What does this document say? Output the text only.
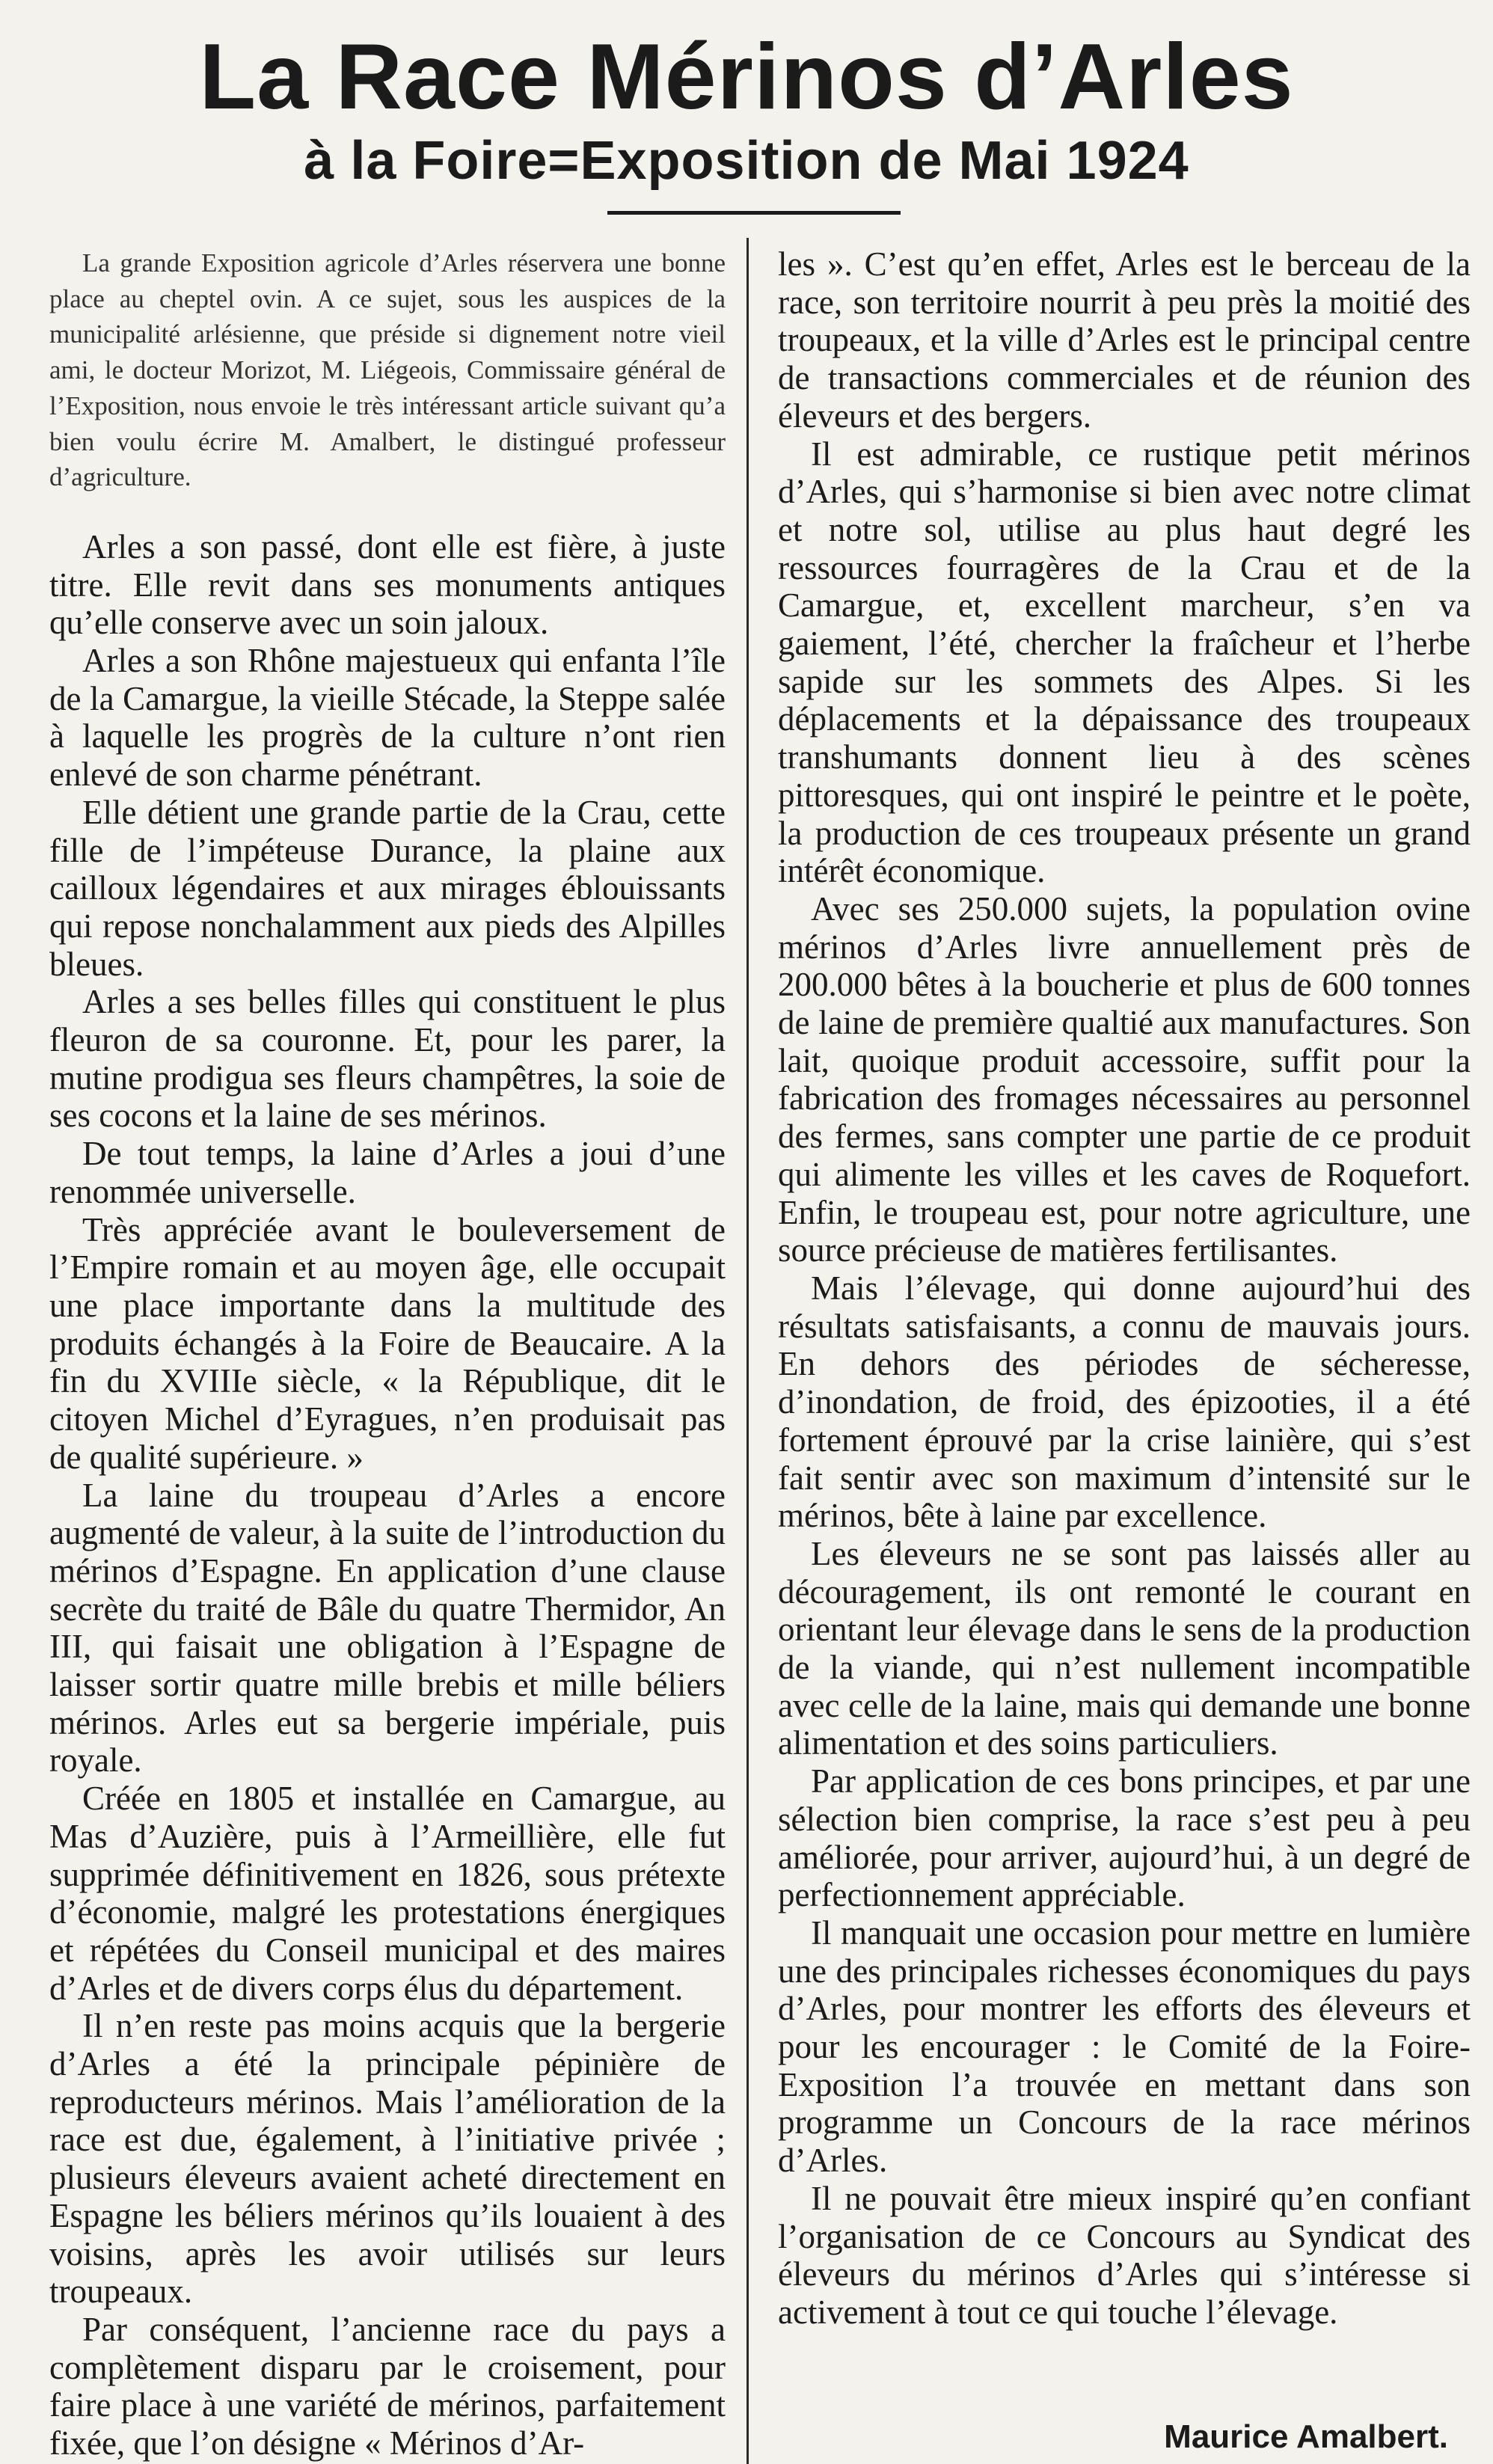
La Race Mérinos d’Arles
à la Foire=Exposition de Mai 1924

La grande Exposition agricole d’Arles réservera une bonne place au cheptel ovin. A ce sujet, sous les auspices de la municipalité arlésienne, que préside si dignement notre vieil ami, le docteur Morizot, M. Liégeois, Commissaire général de l’Exposition, nous envoie le très intéressant article suivant qu’a bien voulu écrire M. Amalbert, le distingué professeur d’agriculture.

Arles a son passé, dont elle est fière, à juste titre. Elle revit dans ses monuments antiques qu’elle conserve avec un soin jaloux.

Arles a son Rhône majestueux qui enfanta l’île de la Camargue, la vieille Stécade, la Steppe salée à laquelle les progrès de la culture n’ont rien enlevé de son charme pénétrant.

Elle détient une grande partie de la Crau, cette fille de l’impéteuse Durance, la plaine aux cailloux légendaires et aux mirages éblouissants qui repose nonchalamment aux pieds des Alpilles bleues.

Arles a ses belles filles qui constituent le plus fleuron de sa couronne. Et, pour les parer, la mutine prodigua ses fleurs champêtres, la soie de ses cocons et la laine de ses mérinos.

De tout temps, la laine d’Arles a joui d’une renommée universelle.

Très appréciée avant le bouleversement de l’Empire romain et au moyen âge, elle occupait une place importante dans la multitude des produits échangés à la Foire de Beaucaire. A la fin du XVIIIe siècle, « la République, dit le citoyen Michel d’Eyragues, n’en produisait pas de qualité supérieure. »

La laine du troupeau d’Arles a encore augmenté de valeur, à la suite de l’introduction du mérinos d’Espagne. En application d’une clause secrète du traité de Bâle du quatre Thermidor, An III, qui faisait une obligation à l’Espagne de laisser sortir quatre mille brebis et mille béliers mérinos. Arles eut sa bergerie impériale, puis royale.

Créée en 1805 et installée en Camargue, au Mas d’Auzière, puis à l’Armeillière, elle fut supprimée définitivement en 1826, sous prétexte d’économie, malgré les protestations énergiques et répétées du Conseil municipal et des maires d’Arles et de divers corps élus du département.

Il n’en reste pas moins acquis que la bergerie d’Arles a été la principale pépinière de reproducteurs mérinos. Mais l’amélioration de la race est due, également, à l’initiative privée ; plusieurs éleveurs avaient acheté directement en Espagne les béliers mérinos qu’ils louaient à des voisins, après les avoir utilisés sur leurs troupeaux.

Par conséquent, l’ancienne race du pays a complètement disparu par le croisement, pour faire place à une variété de mérinos, parfaitement fixée, que l’on désigne « Mérinos d’Ar-

les ». C’est qu’en effet, Arles est le berceau de la race, son territoire nourrit à peu près la moitié des troupeaux, et la ville d’Arles est le principal centre de transactions commerciales et de réunion des éleveurs et des bergers.

Il est admirable, ce rustique petit mérinos d’Arles, qui s’harmonise si bien avec notre climat et notre sol, utilise au plus haut degré les ressources fourragères de la Crau et de la Camargue, et, excellent marcheur, s’en va gaiement, l’été, chercher la fraîcheur et l’herbe sapide sur les sommets des Alpes. Si les déplacements et la dépaissance des troupeaux transhumants donnent lieu à des scènes pittoresques, qui ont inspiré le peintre et le poète, la production de ces troupeaux présente un grand intérêt économique.

Avec ses 250.000 sujets, la population ovine mérinos d’Arles livre annuellement près de 200.000 bêtes à la boucherie et plus de 600 tonnes de laine de première qualtié aux manufactures. Son lait, quoique produit accessoire, suffit pour la fabrication des fromages nécessaires au personnel des fermes, sans compter une partie de ce produit qui alimente les villes et les caves de Roquefort. Enfin, le troupeau est, pour notre agriculture, une source précieuse de matières fertilisantes.

Mais l’élevage, qui donne aujourd’hui des résultats satisfaisants, a connu de mauvais jours. En dehors des périodes de sécheresse, d’inondation, de froid, des épizooties, il a été fortement éprouvé par la crise lainière, qui s’est fait sentir avec son maximum d’intensité sur le mérinos, bête à laine par excellence.

Les éleveurs ne se sont pas laissés aller au découragement, ils ont remonté le courant en orientant leur élevage dans le sens de la production de la viande, qui n’est nullement incompatible avec celle de la laine, mais qui demande une bonne alimentation et des soins particuliers.

Par application de ces bons principes, et par une sélection bien comprise, la race s’est peu à peu améliorée, pour arriver, aujourd’hui, à un degré de perfectionnement appréciable.

Il manquait une occasion pour mettre en lumière une des principales richesses économiques du pays d’Arles, pour montrer les efforts des éleveurs et pour les encourager : le Comité de la Foire-Exposition l’a trouvée en mettant dans son programme un Concours de la race mérinos d’Arles.

Il ne pouvait être mieux inspiré qu’en confiant l’organisation de ce Concours au Syndicat des éleveurs du mérinos d’Arles qui s’intéresse si activement à tout ce qui touche l’élevage.

Maurice Amalbert.
